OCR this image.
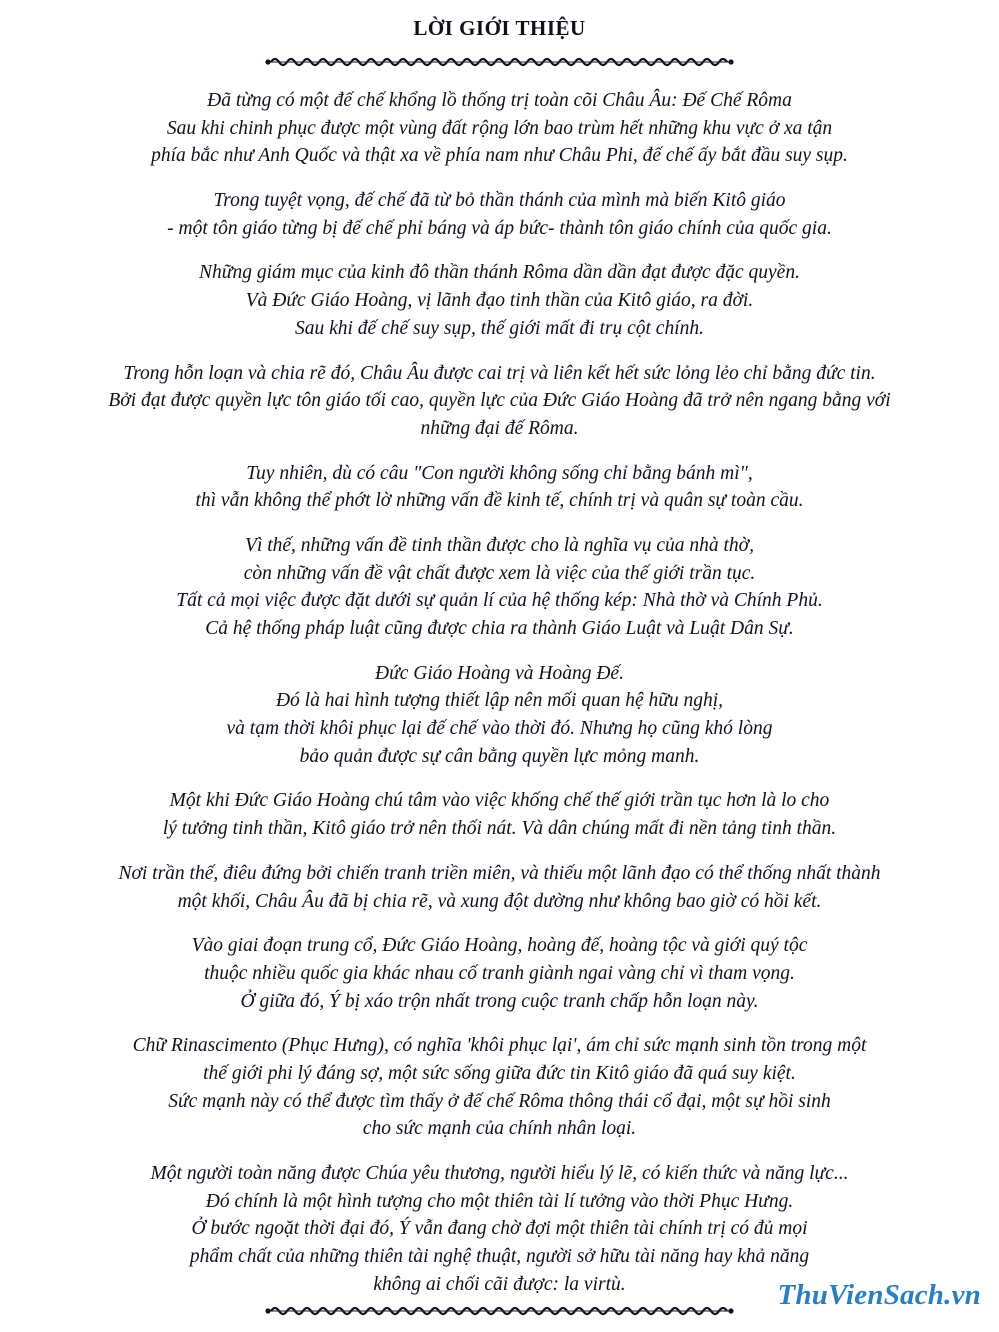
LỜI GIỚI THIỆU

Đã từng có một đế chế khổng lồ thống trị toàn cõi Châu Âu: Đế Chế Rôma
Sau khi chinh phục được một vùng đất rộng lớn bao trùm hết những khu vực ở xa tận
phía bắc như Anh Quốc và thật xa về phía nam như Châu Phi, đế chế ấy bắt đầu suy sụp.

Trong tuyệt vọng, đế chế đã từ bỏ thần thánh của mình mà biến Kitô giáo
- một tôn giáo từng bị đế chế phỉ báng và áp bức- thành tôn giáo chính của quốc gia.

Những giám mục của kinh đô thần thánh Rôma dần dần đạt được đặc quyền.
Và Đức Giáo Hoàng, vị lãnh đạo tinh thần của Kitô giáo, ra đời.
Sau khi đế chế suy sụp, thế giới mất đi trụ cột chính.

Trong hỗn loạn và chia rẽ đó, Châu Âu được cai trị và liên kết hết sức lỏng lẻo chỉ bằng đức tin.
Bởi đạt được quyền lực tôn giáo tối cao, quyền lực của Đức Giáo Hoàng đã trở nên ngang bằng với
những đại đế Rôma.

Tuy nhiên, dù có câu "Con người không sống chỉ bằng bánh mì",
thì vẫn không thể phớt lờ những vấn đề kinh tế, chính trị và quân sự toàn cầu.

Vì thế, những vấn đề tinh thần được cho là nghĩa vụ của nhà thờ,
còn những vấn đề vật chất được xem là việc của thế giới trần tục.
Tất cả mọi việc được đặt dưới sự quản lí của hệ thống kép: Nhà thờ và Chính Phủ.
Cả hệ thống pháp luật cũng được chia ra thành Giáo Luật và Luật Dân Sự.

Đức Giáo Hoàng và Hoàng Đế.
Đó là hai hình tượng thiết lập nên mối quan hệ hữu nghị,
và tạm thời khôi phục lại đế chế vào thời đó. Nhưng họ cũng khó lòng
bảo quản được sự cân bằng quyền lực mỏng manh.

Một khi Đức Giáo Hoàng chú tâm vào việc khống chế thế giới trần tục hơn là lo cho
lý tưởng tinh thần, Kitô giáo trở nên thối nát. Và dân chúng mất đi nền tảng tinh thần.

Nơi trần thế, điêu đứng bởi chiến tranh triền miên, và thiếu một lãnh đạo có thể thống nhất thành
một khối, Châu Âu đã bị chia rẽ, và xung đột dường như không bao giờ có hồi kết.

Vào giai đoạn trung cổ, Đức Giáo Hoàng, hoàng đế, hoàng tộc và giới quý tộc
thuộc nhiều quốc gia khác nhau cố tranh giành ngai vàng chỉ vì tham vọng.
Ở giữa đó, Ý bị xáo trộn nhất trong cuộc tranh chấp hỗn loạn này.

Chữ Rinascimento (Phục Hưng), có nghĩa 'khôi phục lại', ám chỉ sức mạnh sinh tồn trong một
thế giới phi lý đáng sợ, một sức sống giữa đức tin Kitô giáo đã quá suy kiệt.
Sức mạnh này có thể được tìm thấy ở đế chế Rôma thông thái cổ đại, một sự hồi sinh
cho sức mạnh của chính nhân loại.

Một người toàn năng được Chúa yêu thương, người hiểu lý lẽ, có kiến thức và năng lực...
Đó chính là một hình tượng cho một thiên tài lí tưởng vào thời Phục Hưng.
Ở bước ngoặt thời đại đó, Ý vẫn đang chờ đợi một thiên tài chính trị có đủ mọi
phẩm chất của những thiên tài nghệ thuật, người sở hữu tài năng hay khả năng
không ai chối cãi được: la virtù.	ThuVienSach.vn
